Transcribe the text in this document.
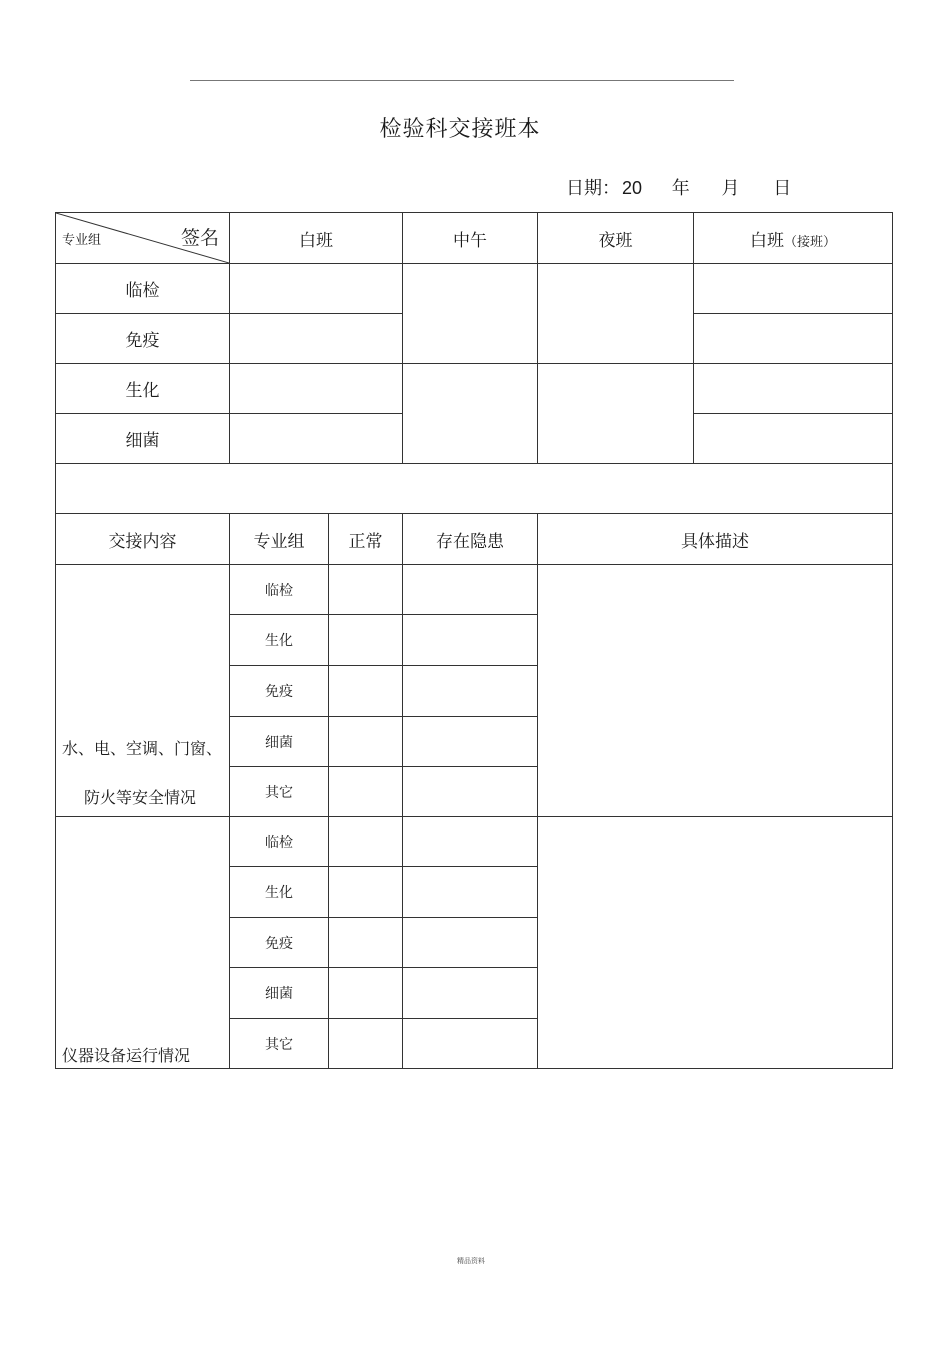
检验科交接班本
日期： 20 年 月 日
专业组 签名	白班		中午	夜班	白班（接班）
临检					
免疫					
生化					
细菌					

交接内容	专业组	正常	存在隐患	具体描述	

水、电、空调、门窗、
防火等安全情况	临检				
	生化				
	免疫				
	细菌				
	其它				

仪器设备运行情况	临检				
	生化				
	免疫				
	细菌				
	其它				
精品资料
